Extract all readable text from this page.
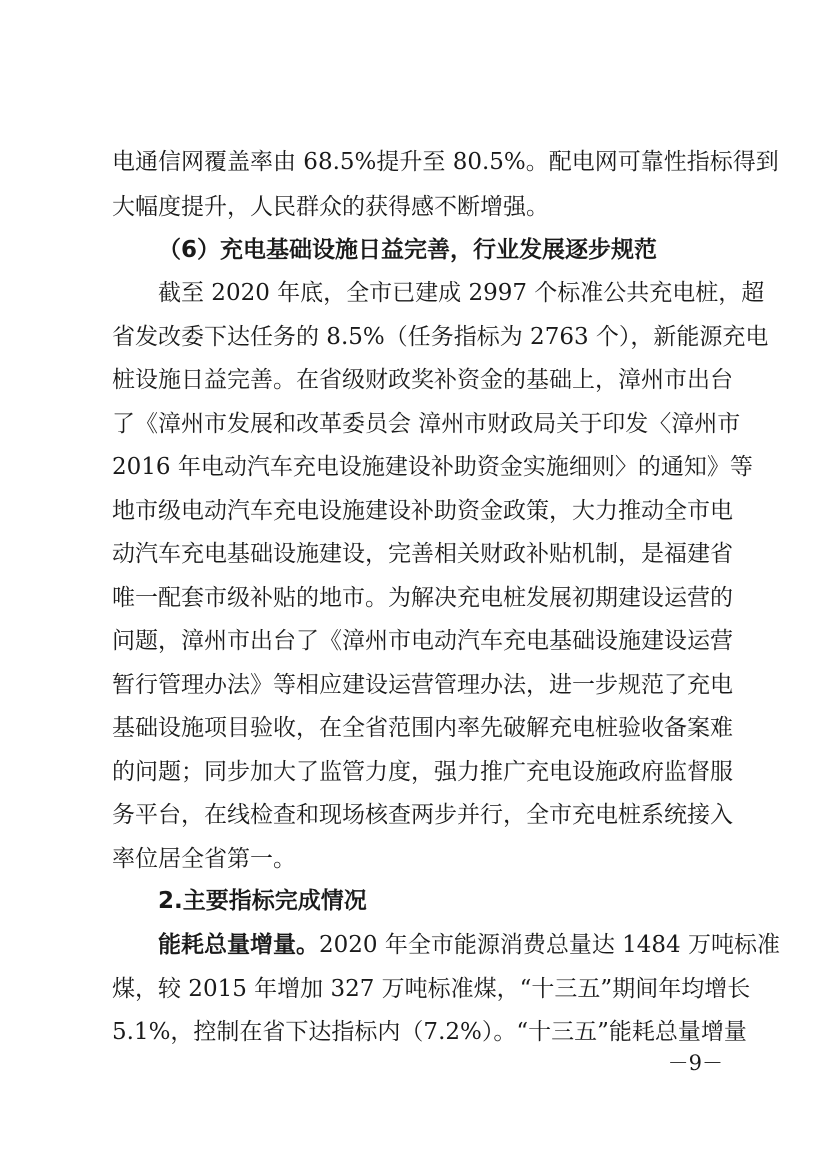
电通信网覆盖率由 68.5%提升至 80.5%。配电网可靠性指标得到
大幅度提升，人民群众的获得感不断增强。
（6）充电基础设施日益完善，行业发展逐步规范
截至 2020 年底，全市已建成 2997 个标准公共充电桩，超
省发改委下达任务的 8.5%（任务指标为 2763 个），新能源充电
桩设施日益完善。在省级财政奖补资金的基础上，漳州市出台
了《漳州市发展和改革委员会 漳州市财政局关于印发〈漳州市
2016 年电动汽车充电设施建设补助资金实施细则〉的通知》等
地市级电动汽车充电设施建设补助资金政策，大力推动全市电
动汽车充电基础设施建设，完善相关财政补贴机制，是福建省
唯一配套市级补贴的地市。为解决充电桩发展初期建设运营的
问题，漳州市出台了《漳州市电动汽车充电基础设施建设运营
暂行管理办法》等相应建设运营管理办法，进一步规范了充电
基础设施项目验收，在全省范围内率先破解充电桩验收备案难
的问题；同步加大了监管力度，强力推广充电设施政府监督服
务平台，在线检查和现场核查两步并行，全市充电桩系统接入
率位居全省第一。
2.主要指标完成情况
能耗总量增量。2020 年全市能源消费总量达 1484 万吨标准
煤，较 2015 年增加 327 万吨标准煤，“十三五”期间年均增长
5.1%，控制在省下达指标内（7.2%）。“十三五”能耗总量增量
－9－
